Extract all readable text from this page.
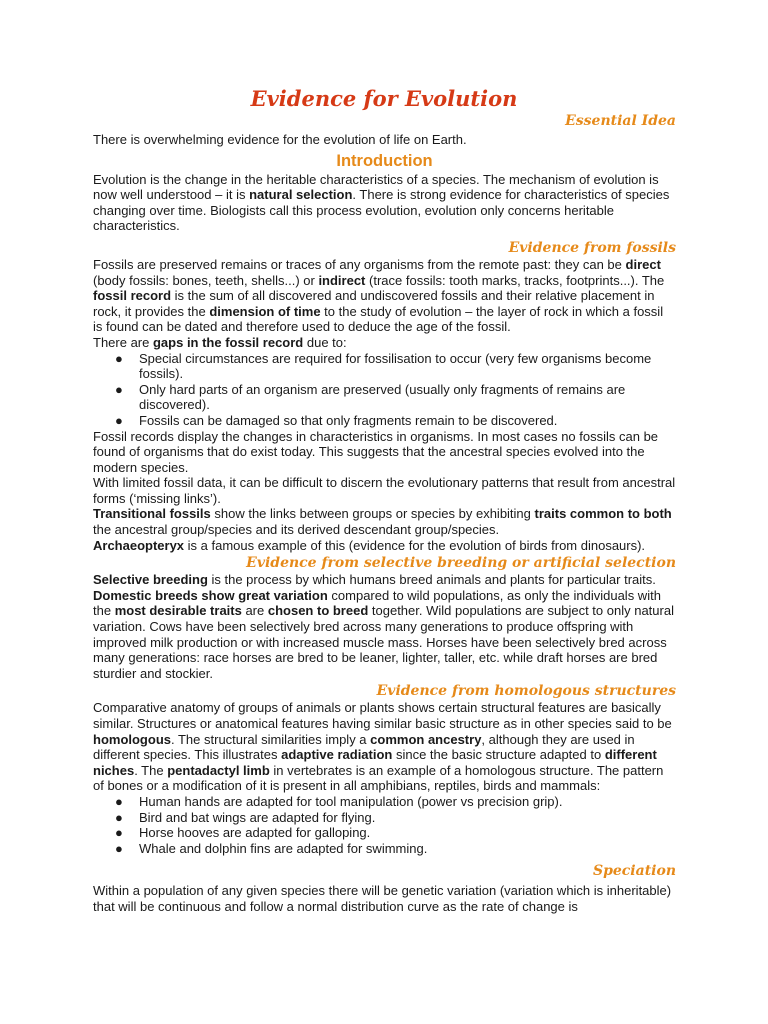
Evidence for Evolution
Essential Idea

There is overwhelming evidence for the evolution of life on Earth.

Introduction

Evolution is the change in the heritable characteristics of a species. The mechanism of evolution is now well understood – it is natural selection. There is strong evidence for characteristics of species changing over time. Biologists call this process evolution, evolution only concerns heritable characteristics.

Evidence from fossils

Fossils are preserved remains or traces of any organisms from the remote past: they can be direct (body fossils: bones, teeth, shells...) or indirect (trace fossils: tooth marks, tracks, footprints...). The fossil record is the sum of all discovered and undiscovered fossils and their relative placement in rock, it provides the dimension of time to the study of evolution – the layer of rock in which a fossil is found can be dated and therefore used to deduce the age of the fossil.

There are gaps in the fossil record due to:

● Special circumstances are required for fossilisation to occur (very few organisms become fossils).
● Only hard parts of an organism are preserved (usually only fragments of remains are discovered).
● Fossils can be damaged so that only fragments remain to be discovered.

Fossil records display the changes in characteristics in organisms. In most cases no fossils can be found of organisms that do exist today. This suggests that the ancestral species evolved into the modern species.

With limited fossil data, it can be difficult to discern the evolutionary patterns that result from ancestral forms (‘missing links’).

Transitional fossils show the links between groups or species by exhibiting traits common to both the ancestral group/species and its derived descendant group/species.

Archaeopteryx is a famous example of this (evidence for the evolution of birds from dinosaurs).

Evidence from selective breeding or artificial selection

Selective breeding is the process by which humans breed animals and plants for particular traits. Domestic breeds show great variation compared to wild populations, as only the individuals with the most desirable traits are chosen to breed together. Wild populations are subject to only natural variation. Cows have been selectively bred across many generations to produce offspring with improved milk production or with increased muscle mass. Horses have been selectively bred across many generations: race horses are bred to be leaner, lighter, taller, etc. while draft horses are bred sturdier and stockier.

Evidence from homologous structures

Comparative anatomy of groups of animals or plants shows certain structural features are basically similar. Structures or anatomical features having similar basic structure as in other species said to be homologous. The structural similarities imply a common ancestry, although they are used in different species. This illustrates adaptive radiation since the basic structure adapted to different niches. The pentadactyl limb in vertebrates is an example of a homologous structure. The pattern of bones or a modification of it is present in all amphibians, reptiles, birds and mammals:

● Human hands are adapted for tool manipulation (power vs precision grip).
● Bird and bat wings are adapted for flying.
● Horse hooves are adapted for galloping.
● Whale and dolphin fins are adapted for swimming.
Speciation

Within a population of any given species there will be genetic variation (variation which is inheritable) that will be continuous and follow a normal distribution curve as the rate of change is
